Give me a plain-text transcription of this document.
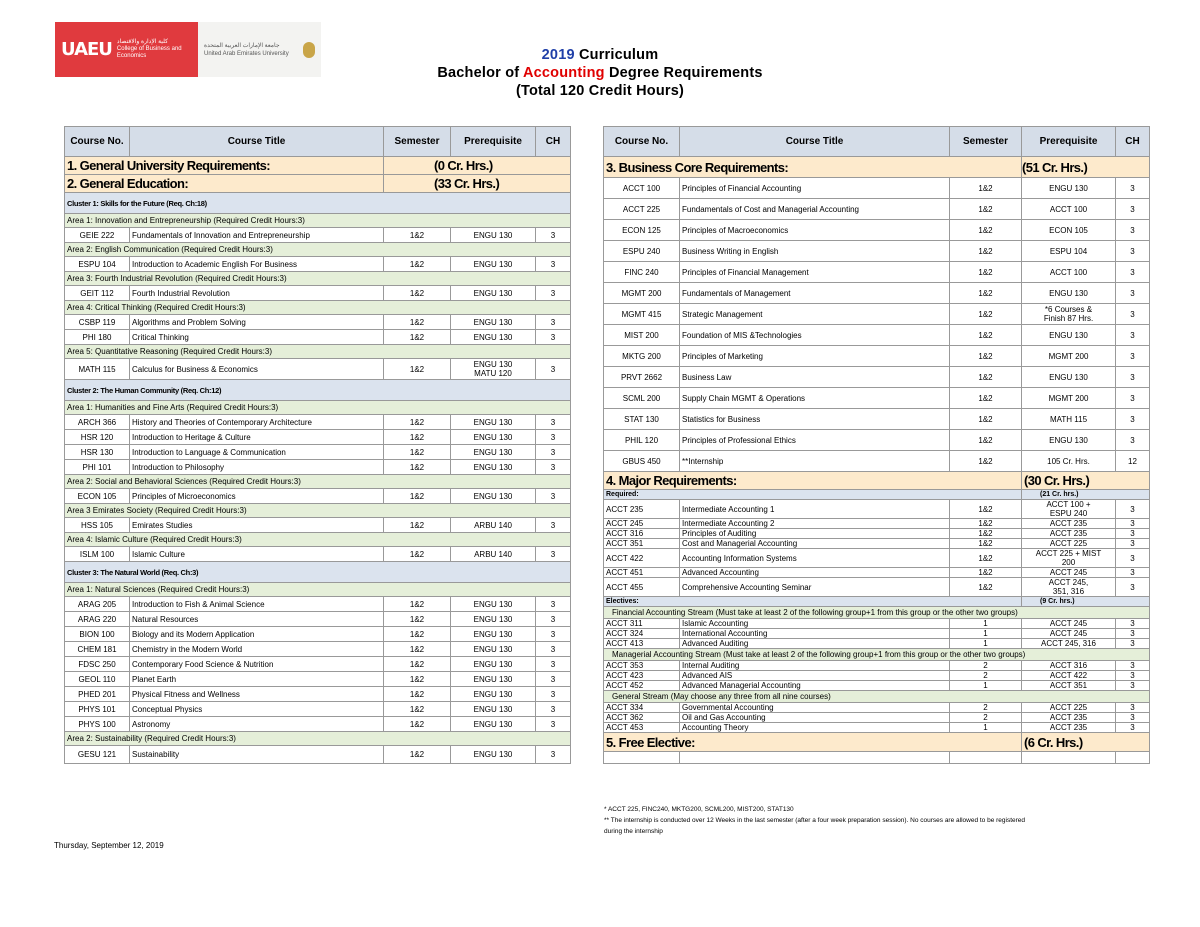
UAEU كلية الإدارة والاقتصاد
College of Business and Economics
جامعة الإمارات العربية المتحدة
United Arab Emirates University	2019 Curriculum
Bachelor of Accounting Degree Requirements
(Total 120 Credit Hours)
Course No.	Course Title	Semester	Prerequisite	CH
1. General University Requirements:		(0 Cr. Hrs.)		
2. General Education:		(33 Cr. Hrs.)		
Cluster 1: Skills for the Future (Req. Ch:18)				
Area 1: Innovation and Entrepreneurship (Required Credit Hours:3)				
GEIE 222	Fundamentals of Innovation and Entrepreneurship	1&2	ENGU 130	3
Area 2: English Communication (Required Credit Hours:3)				
ESPU 104	Introduction to Academic English For Business	1&2	ENGU 130	3
Area 3: Fourth Industrial Revolution (Required Credit Hours:3)				
GEIT 112	Fourth Industrial Revolution	1&2	ENGU 130	3
Area 4: Critical Thinking (Required Credit Hours:3)				
CSBP 119	Algorithms and Problem Solving	1&2	ENGU 130	3
PHI 180	Critical Thinking	1&2	ENGU 130	3
Area 5: Quantitative Reasoning (Required Credit Hours:3)				
MATH 115	Calculus for Business & Economics	1&2	ENGU 130
MATU 120	3
Cluster 2: The Human Community (Req. Ch:12)				
Area 1: Humanities and Fine Arts (Required Credit Hours:3)				
ARCH 366	History and Theories of Contemporary Architecture	1&2	ENGU 130	3
HSR 120	Introduction to Heritage & Culture	1&2	ENGU 130	3
HSR 130	Introduction to Language & Communication	1&2	ENGU 130	3
PHI 101	Introduction to Philosophy	1&2	ENGU 130	3
Area 2: Social and Behavioral Sciences (Required Credit Hours:3)				
ECON 105	Principles of Microeconomics	1&2	ENGU 130	3
Area 3 Emirates Society (Required Credit Hours:3)				
HSS 105	Emirates Studies	1&2	ARBU 140	3
Area 4: Islamic Culture (Required Credit Hours:3)				
ISLM 100	Islamic Culture	1&2	ARBU 140	3
Cluster 3: The Natural World (Req. Ch:3)				
Area 1: Natural Sciences (Required Credit Hours:3)				
ARAG 205	Introduction to Fish & Animal Science	1&2	ENGU 130	3
ARAG 220	Natural Resources	1&2	ENGU 130	3
BION 100	Biology and its Modern Application	1&2	ENGU 130	3
CHEM 181	Chemistry in the Modern World	1&2	ENGU 130	3
FDSC 250	Contemporary Food Science & Nutrition	1&2	ENGU 130	3
GEOL 110	Planet Earth	1&2	ENGU 130	3
PHED 201	Physical Fitness and Wellness	1&2	ENGU 130	3
PHYS 101	Conceptual Physics	1&2	ENGU 130	3
PHYS 100	Astronomy	1&2	ENGU 130	3
Area 2: Sustainability (Required Credit Hours:3)				
GESU 121	Sustainability	1&2	ENGU 130	3
Course No.	Course Title	Semester	Prerequisite	CH
3. Business Core Requirements:			(51 Cr. Hrs.)	
ACCT 100	Principles of Financial Accounting	1&2	ENGU 130	3
ACCT 225	Fundamentals of Cost and Managerial Accounting	1&2	ACCT 100	3
ECON 125	Principles of Macroeconomics	1&2	ECON 105	3
ESPU 240	Business Writing in English	1&2	ESPU 104	3
FINC 240	Principles of Financial Management	1&2	ACCT 100	3
MGMT 200	Fundamentals of Management	1&2	ENGU 130	3
MGMT 415	Strategic Management	1&2	*6 Courses &
Finish 87 Hrs.	3
MIST 200	Foundation of MIS &Technologies	1&2	ENGU 130	3
MKTG 200	Principles of Marketing	1&2	MGMT 200	3
PRVT 2662	Business Law	1&2	ENGU 130	3
SCML 200	Supply Chain MGMT & Operations	1&2	MGMT 200	3
STAT 130	Statistics for Business	1&2	MATH 115	3
PHIL 120	Principles of Professional Ethics	1&2	ENGU 130	3
GBUS 450	**Internship	1&2	105 Cr. Hrs.	12
4. Major Requirements:			(30 Cr. Hrs.)	
Required:			(21 Cr. hrs.)	
ACCT 235	Intermediate Accounting 1	1&2	ACCT 100 +
ESPU 240	3
ACCT 245	Intermediate Accounting 2	1&2	ACCT 235	3
ACCT 316	Principles of Auditing	1&2	ACCT 235	3
ACCT 351	Cost and Managerial Accounting	1&2	ACCT 225	3
ACCT 422	Accounting Information Systems	1&2	ACCT 225 + MIST
200	3
ACCT 451	Advanced Accounting	1&2	ACCT 245	3
ACCT 455	Comprehensive Accounting Seminar	1&2	ACCT 245,
351, 316	3
Electives:			(9 Cr. hrs.)	
Financial Accounting Stream (Must take at least 2 of the following group+1 from this group or the other two groups)				
ACCT 311	Islamic Accounting	1	ACCT 245	3
ACCT 324	International Accounting	1	ACCT 245	3
ACCT 413	Advanced Auditing	1	ACCT 245, 316	3
Managerial Accounting Stream (Must take at least 2 of the following group+1 from this group or the other two groups)				
ACCT 353	Internal Auditing	2	ACCT 316	3
ACCT 423	Advanced AIS	2	ACCT 422	3
ACCT 452	Advanced Managerial Accounting	1	ACCT 351	3
General Stream (May choose any three from all nine courses)				
ACCT 334	Governmental Accounting	2	ACCT 225	3
ACCT 362	Oil and Gas Accounting	2	ACCT 235	3
ACCT 453	Accounting Theory	1	ACCT 235	3
5. Free Elective:			(6 Cr. Hrs.)	

* ACCT 225, FINC240, MKTG200, SCML200, MIST200, STAT130
** The internship is conducted over 12 Weeks in the last semester (after a four week preparation session). No courses are allowed to be registered
during the internship
Thursday, September 12, 2019
